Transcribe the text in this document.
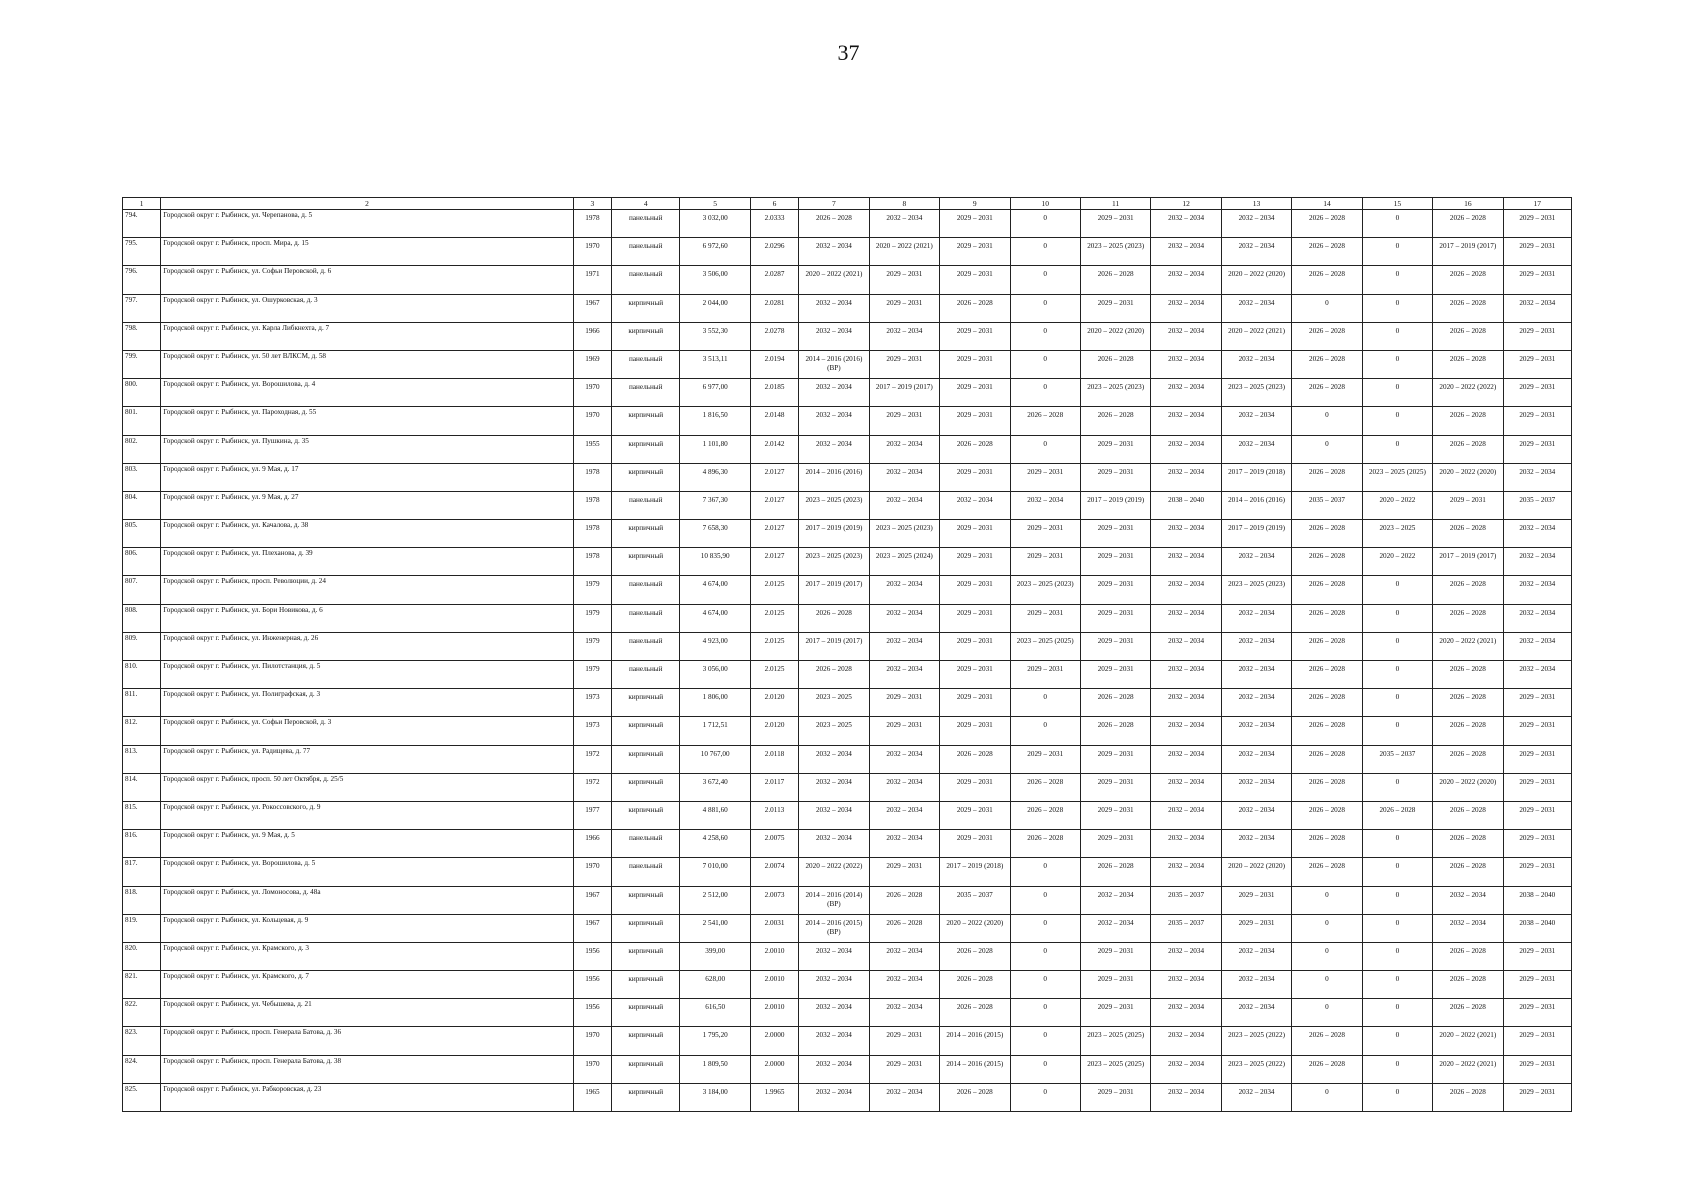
37
1	2	3	4	5	6	7	8	9	10	11	12	13	14	15	16	17
794.	Городской округ г. Рыбинск, ул. Черепанова, д. 5	1978	панельный	3 032,00	2.0333	2026 – 2028	2032 – 2034	2029 – 2031	0	2029 – 2031	2032 – 2034	2032 – 2034	2026 – 2028	0	2026 – 2028	2029 – 2031
795.	Городской округ г. Рыбинск, просп. Мира, д. 15	1970	панельный	6 972,60	2.0296	2032 – 2034	2020 – 2022 (2021)	2029 – 2031	0	2023 – 2025 (2023)	2032 – 2034	2032 – 2034	2026 – 2028	0	2017 – 2019 (2017)	2029 – 2031
796.	Городской округ г. Рыбинск, ул. Софьи Перовской, д. 6	1971	панельный	3 506,00	2.0287	2020 – 2022 (2021)	2029 – 2031	2029 – 2031	0	2026 – 2028	2032 – 2034	2020 – 2022 (2020)	2026 – 2028	0	2026 – 2028	2029 – 2031
797.	Городской округ г. Рыбинск, ул. Ошурковская, д. 3	1967	кирпичный	2 044,00	2.0281	2032 – 2034	2029 – 2031	2026 – 2028	0	2029 – 2031	2032 – 2034	2032 – 2034	0	0	2026 – 2028	2032 – 2034
798.	Городской округ г. Рыбинск, ул. Карла Либкнехта, д. 7	1966	кирпичный	3 552,30	2.0278	2032 – 2034	2032 – 2034	2029 – 2031	0	2020 – 2022 (2020)	2032 – 2034	2020 – 2022 (2021)	2026 – 2028	0	2026 – 2028	2029 – 2031
799.	Городской округ г. Рыбинск, ул. 50 лет ВЛКСМ, д. 58	1969	панельный	3 513,11	2.0194	2014 – 2016 (2016) (ВР)	2029 – 2031	2029 – 2031	0	2026 – 2028	2032 – 2034	2032 – 2034	2026 – 2028	0	2026 – 2028	2029 – 2031
800.	Городской округ г. Рыбинск, ул. Ворошилова, д. 4	1970	панельный	6 977,00	2.0185	2032 – 2034	2017 – 2019 (2017)	2029 – 2031	0	2023 – 2025 (2023)	2032 – 2034	2023 – 2025 (2023)	2026 – 2028	0	2020 – 2022 (2022)	2029 – 2031
801.	Городской округ г. Рыбинск, ул. Пароходная, д. 55	1970	кирпичный	1 816,50	2.0148	2032 – 2034	2029 – 2031	2029 – 2031	2026 – 2028	2026 – 2028	2032 – 2034	2032 – 2034	0	0	2026 – 2028	2029 – 2031
802.	Городской округ г. Рыбинск, ул. Пушкина, д. 35	1955	кирпичный	1 101,80	2.0142	2032 – 2034	2032 – 2034	2026 – 2028	0	2029 – 2031	2032 – 2034	2032 – 2034	0	0	2026 – 2028	2029 – 2031
803.	Городской округ г. Рыбинск, ул. 9 Мая, д. 17	1978	кирпичный	4 896,30	2.0127	2014 – 2016 (2016)	2032 – 2034	2029 – 2031	2029 – 2031	2029 – 2031	2032 – 2034	2017 – 2019 (2018)	2026 – 2028	2023 – 2025 (2025)	2020 – 2022 (2020)	2032 – 2034
804.	Городской округ г. Рыбинск, ул. 9 Мая, д. 27	1978	панельный	7 367,30	2.0127	2023 – 2025 (2023)	2032 – 2034	2032 – 2034	2032 – 2034	2017 – 2019 (2019)	2038 – 2040	2014 – 2016 (2016)	2035 – 2037	2020 – 2022	2029 – 2031	2035 – 2037
805.	Городской округ г. Рыбинск, ул. Качалова, д. 38	1978	кирпичный	7 658,30	2.0127	2017 – 2019 (2019)	2023 – 2025 (2023)	2029 – 2031	2029 – 2031	2029 – 2031	2032 – 2034	2017 – 2019 (2019)	2026 – 2028	2023 – 2025	2026 – 2028	2032 – 2034
806.	Городской округ г. Рыбинск, ул. Плеханова, д. 39	1978	кирпичный	10 835,90	2.0127	2023 – 2025 (2023)	2023 – 2025 (2024)	2029 – 2031	2029 – 2031	2029 – 2031	2032 – 2034	2032 – 2034	2026 – 2028	2020 – 2022	2017 – 2019 (2017)	2032 – 2034
807.	Городской округ г. Рыбинск, просп. Революции, д. 24	1979	панельный	4 674,00	2.0125	2017 – 2019 (2017)	2032 – 2034	2029 – 2031	2023 – 2025 (2023)	2029 – 2031	2032 – 2034	2023 – 2025 (2023)	2026 – 2028	0	2026 – 2028	2032 – 2034
808.	Городской округ г. Рыбинск, ул. Бори Новикова, д. 6	1979	панельный	4 674,00	2.0125	2026 – 2028	2032 – 2034	2029 – 2031	2029 – 2031	2029 – 2031	2032 – 2034	2032 – 2034	2026 – 2028	0	2026 – 2028	2032 – 2034
809.	Городской округ г. Рыбинск, ул. Инженерная, д. 26	1979	панельный	4 923,00	2.0125	2017 – 2019 (2017)	2032 – 2034	2029 – 2031	2023 – 2025 (2025)	2029 – 2031	2032 – 2034	2032 – 2034	2026 – 2028	0	2020 – 2022 (2021)	2032 – 2034
810.	Городской округ г. Рыбинск, ул. Пилотстанция, д. 5	1979	панельный	3 056,00	2.0125	2026 – 2028	2032 – 2034	2029 – 2031	2029 – 2031	2029 – 2031	2032 – 2034	2032 – 2034	2026 – 2028	0	2026 – 2028	2032 – 2034
811.	Городской округ г. Рыбинск, ул. Полиграфская, д. 3	1973	кирпичный	1 806,00	2.0120	2023 – 2025	2029 – 2031	2029 – 2031	0	2026 – 2028	2032 – 2034	2032 – 2034	2026 – 2028	0	2026 – 2028	2029 – 2031
812.	Городской округ г. Рыбинск, ул. Софьи Перовской, д. 3	1973	кирпичный	1 712,51	2.0120	2023 – 2025	2029 – 2031	2029 – 2031	0	2026 – 2028	2032 – 2034	2032 – 2034	2026 – 2028	0	2026 – 2028	2029 – 2031
813.	Городской округ г. Рыбинск, ул. Радищева, д. 77	1972	кирпичный	10 767,00	2.0118	2032 – 2034	2032 – 2034	2026 – 2028	2029 – 2031	2029 – 2031	2032 – 2034	2032 – 2034	2026 – 2028	2035 – 2037	2026 – 2028	2029 – 2031
814.	Городской округ г. Рыбинск, просп. 50 лет Октября, д. 25/5	1972	кирпичный	3 672,40	2.0117	2032 – 2034	2032 – 2034	2029 – 2031	2026 – 2028	2029 – 2031	2032 – 2034	2032 – 2034	2026 – 2028	0	2020 – 2022 (2020)	2029 – 2031
815.	Городской округ г. Рыбинск, ул. Рокоссовского, д. 9	1977	кирпичный	4 881,60	2.0113	2032 – 2034	2032 – 2034	2029 – 2031	2026 – 2028	2029 – 2031	2032 – 2034	2032 – 2034	2026 – 2028	2026 – 2028	2026 – 2028	2029 – 2031
816.	Городской округ г. Рыбинск, ул. 9 Мая, д. 5	1966	панельный	4 258,60	2.0075	2032 – 2034	2032 – 2034	2029 – 2031	2026 – 2028	2029 – 2031	2032 – 2034	2032 – 2034	2026 – 2028	0	2026 – 2028	2029 – 2031
817.	Городской округ г. Рыбинск, ул. Ворошилова, д. 5	1970	панельный	7 010,00	2.0074	2020 – 2022 (2022)	2029 – 2031	2017 – 2019 (2018)	0	2026 – 2028	2032 – 2034	2020 – 2022 (2020)	2026 – 2028	0	2026 – 2028	2029 – 2031
818.	Городской округ г. Рыбинск, ул. Ломоносова, д. 48а	1967	кирпичный	2 512,00	2.0073	2014 – 2016 (2014) (ВР)	2026 – 2028	2035 – 2037	0	2032 – 2034	2035 – 2037	2029 – 2031	0	0	2032 – 2034	2038 – 2040
819.	Городской округ г. Рыбинск, ул. Кольцевая, д. 9	1967	кирпичный	2 541,00	2.0031	2014 – 2016 (2015) (ВР)	2026 – 2028	2020 – 2022 (2020)	0	2032 – 2034	2035 – 2037	2029 – 2031	0	0	2032 – 2034	2038 – 2040
820.	Городской округ г. Рыбинск, ул. Крамского, д. 3	1956	кирпичный	399,00	2.0010	2032 – 2034	2032 – 2034	2026 – 2028	0	2029 – 2031	2032 – 2034	2032 – 2034	0	0	2026 – 2028	2029 – 2031
821.	Городской округ г. Рыбинск, ул. Крамского, д. 7	1956	кирпичный	628,00	2.0010	2032 – 2034	2032 – 2034	2026 – 2028	0	2029 – 2031	2032 – 2034	2032 – 2034	0	0	2026 – 2028	2029 – 2031
822.	Городской округ г. Рыбинск, ул. Чебышева, д. 21	1956	кирпичный	616,50	2.0010	2032 – 2034	2032 – 2034	2026 – 2028	0	2029 – 2031	2032 – 2034	2032 – 2034	0	0	2026 – 2028	2029 – 2031
823.	Городской округ г. Рыбинск, просп. Генерала Батова, д. 36	1970	кирпичный	1 795,20	2.0000	2032 – 2034	2029 – 2031	2014 – 2016 (2015)	0	2023 – 2025 (2025)	2032 – 2034	2023 – 2025 (2022)	2026 – 2028	0	2020 – 2022 (2021)	2029 – 2031
824.	Городской округ г. Рыбинск, просп. Генерала Батова, д. 38	1970	кирпичный	1 809,50	2.0000	2032 – 2034	2029 – 2031	2014 – 2016 (2015)	0	2023 – 2025 (2025)	2032 – 2034	2023 – 2025 (2022)	2026 – 2028	0	2020 – 2022 (2021)	2029 – 2031
825.	Городской округ г. Рыбинск, ул. Рабкоровская, д. 23	1965	кирпичный	3 184,00	1.9965	2032 – 2034	2032 – 2034	2026 – 2028	0	2029 – 2031	2032 – 2034	2032 – 2034	0	0	2026 – 2028	2029 – 2031
